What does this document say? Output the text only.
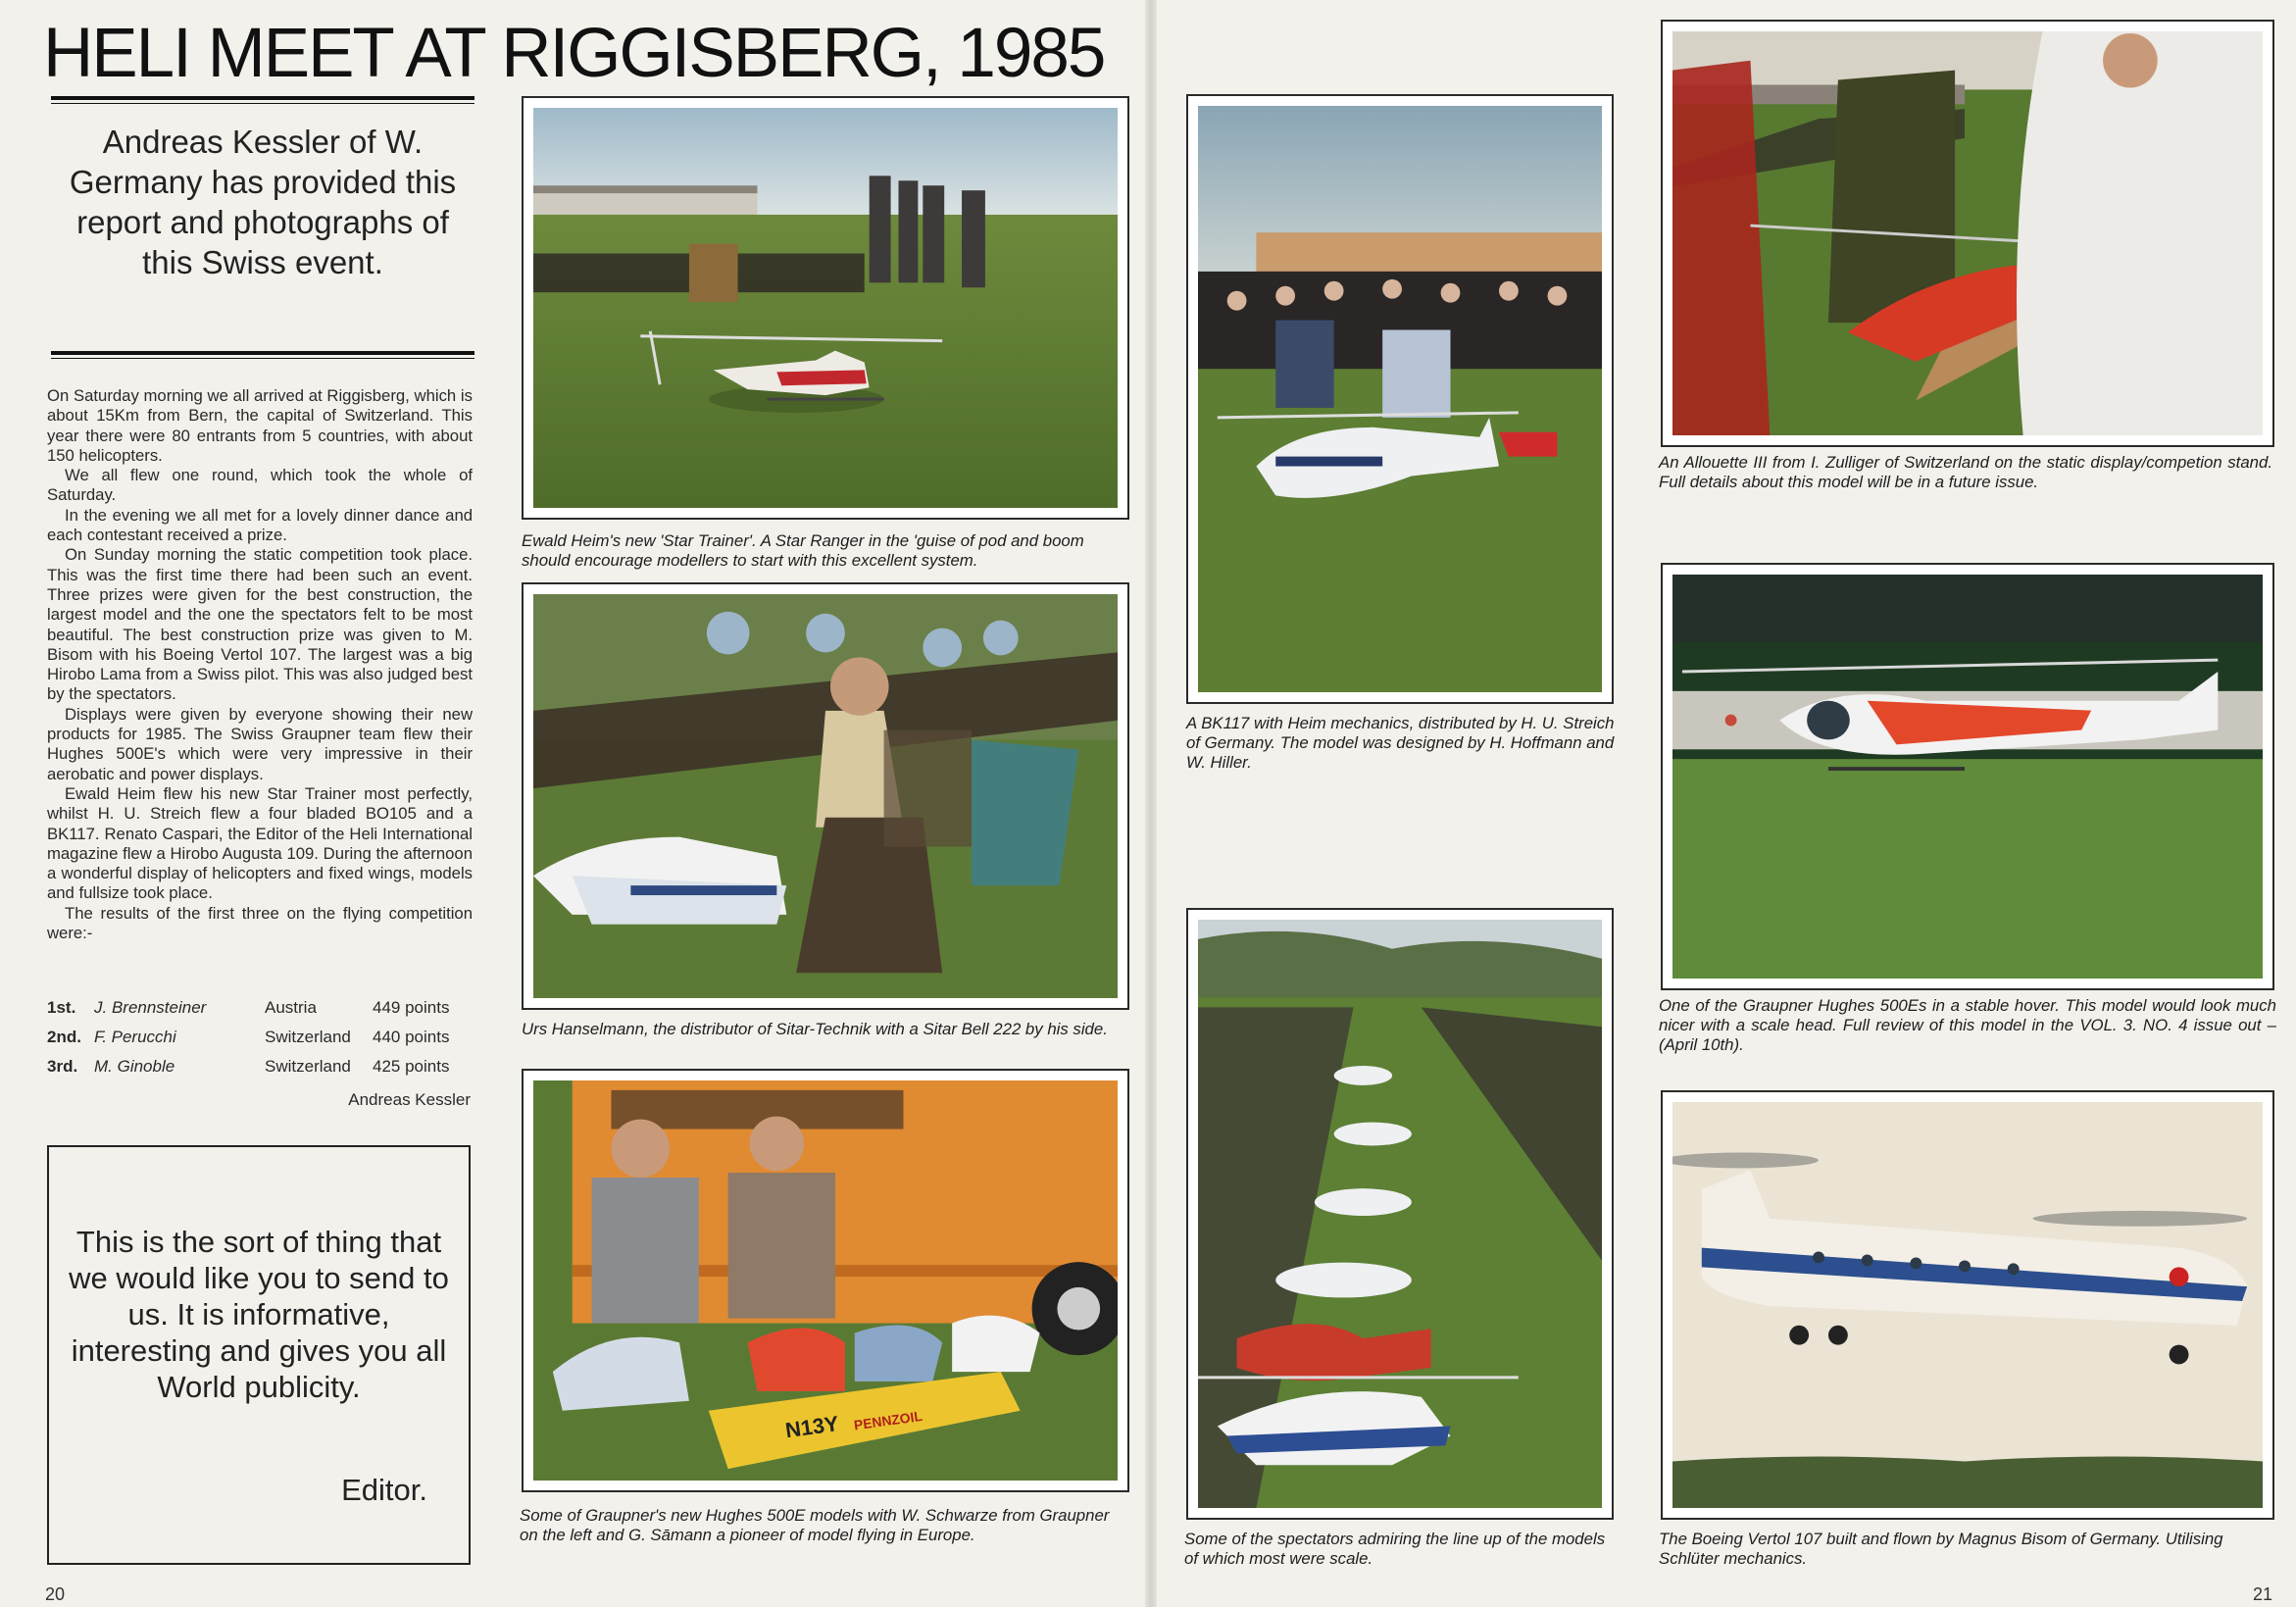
HELI MEET AT RIGGISBERG, 1985
Andreas Kessler of W. Germany has provided this report and photographs of this Swiss event.

On Saturday morning we all arrived at Riggisberg, which is about 15Km from Bern, the capital of Switzerland. This year there were 80 entrants from 5 countries, with about 150 helicopters.

We all flew one round, which took the whole of Saturday.

In the evening we all met for a lovely dinner dance and each contestant received a prize.

On Sunday morning the static competition took place. This was the first time there had been such an event. Three prizes were given for the best construction, the largest model and the one the spectators felt to be most beautiful. The best construction prize was given to M. Bisom with his Boeing Vertol 107. The largest was a big Hirobo Lama from a Swiss pilot. This was also judged best by the spectators.

Displays were given by everyone showing their new products for 1985. The Swiss Graupner team flew their Hughes 500E's which were very impressive in their aerobatic and power displays.

Ewald Heim flew his new Star Trainer most perfectly, whilst H. U. Streich flew a four bladed BO105 and a BK117. Renato Caspari, the Editor of the Heli International magazine flew a Hirobo Augusta 109. During the afternoon a wonderful display of helicopters and fixed wings, models and fullsize took place.

The results of the first three on the flying competition were:-

1st. J. Brennsteiner	Austria	449 points
2nd. F. Perucchi	Switzerland 440 points
3rd. M. Ginoble	Switzerland 425 points
Andreas Kessler
This is the sort of thing that we would like you to send to us. It is informative, interesting and gives you all World publicity.
Editor.
20
Ewald Heim's new 'Star Trainer'. A Star Ranger in the 'guise of pod and boom should encourage modellers to start with this excellent system.
Urs Hanselmann, the distributor of Sitar-Technik with a Sitar Bell 222 by his side.
N13Y PENNZOIL
Some of Graupner's new Hughes 500E models with W. Schwarze from Graupner on the left and G. Sāmann a pioneer of model flying in Europe.
A BK117 with Heim mechanics, distributed by H. U. Streich of Germany. The model was designed by H. Hoffmann and W. Hiller.
Some of the spectators admiring the line up of the models of which most were scale.
An Allouette III from I. Zulliger of Switzerland on the static display/competion stand. Full details about this model will be in a future issue.
One of the Graupner Hughes 500Es in a stable hover. This model would look much nicer with a scale head. Full review of this model in the VOL. 3. NO. 4 issue out – (April 10th).
The Boeing Vertol 107 built and flown by Magnus Bisom of Germany. Utilising Schlüter mechanics.
21
